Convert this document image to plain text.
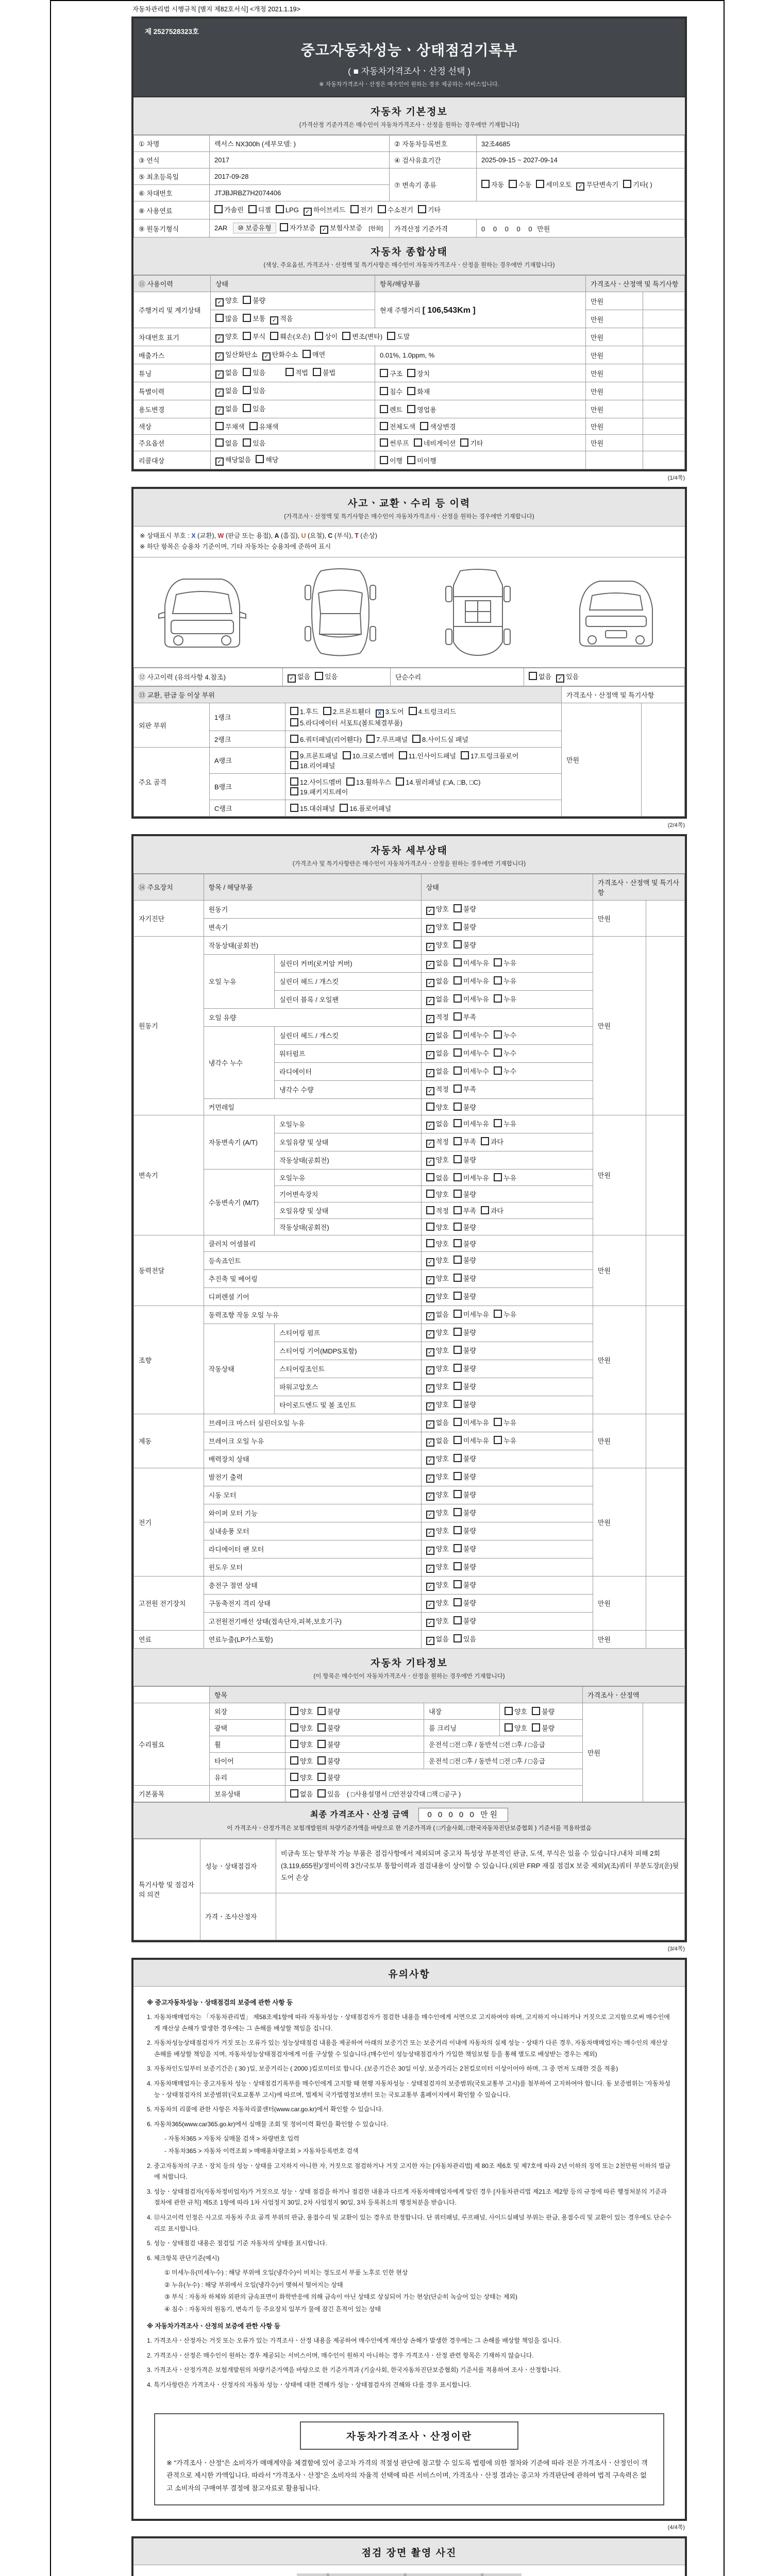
자동차관리법 시행규칙 [별지 제82호서식] <개정 2021.1.19>
제 2527528323호
중고자동차성능ㆍ상태점검기록부
( ■ 자동차가격조사ㆍ산정 선택 )
※ 자동차가격조사ㆍ산정은 매수인이 원하는 경우 제공하는 서비스입니다.
자동차 기본정보
(가격산정 기준가격은 매수인이 자동차가격조사ㆍ산정을 원하는 경우에만 기재합니다)
① 차명	렉서스 NX300h (세부모델: )	② 자동차등록번호	32조4685
③ 연식	2017	④ 검사유효기간	2025-09-15 ~ 2027-09-14
⑤ 최초등록일	2017-09-28	⑦ 변속기 종류	자동 수동 세미오토 ✓ 무단변속기 기타( )
⑥ 차대번호	JTJBJRBZ7H2074406		
⑧ 사용연료	가솔린 디젤 LPG ✓ 하이브리드 전기 수소전기 기타		
⑨ 원동기형식	2AR ⑩ 보증유형 자가보증 ✓ 보험사보증 [한화]	가격산정 기준가격	0 0 0 0 0 만원
자동차 종합상태
(색상, 주요옵션, 가격조사ㆍ산정액 및 특기사항은 매수인이 자동차가격조사ㆍ산정을 원하는 경우에만 기재합니다)
⑪ 사용이력	상태	항목/해당부품	가격조사ㆍ산정액 및 특기사항	
주행거리 및 계기상태	✓ 양호 불량	현재 주행거리 [ 106,543Km ]	만원	
	많음 보통 ✓ 적음		만원	
차대번호 표기	✓ 양호 부식 훼손(오손) 상이 변조(변타) 도말		만원	
배출가스	✓ 일산화탄소 ✓ 탄화수소 매연	0.01%, 1.0ppm, %	만원	
튜닝	✓ 없음 있음 적법 불법	구조 장치	만원	
특별이력	✓ 없음 있음	침수 화재	만원	
용도변경	✓ 없음 있음	렌트 영업용	만원	
색상	무채색 유채색	전체도색 색상변경	만원	
주요옵션	없음 있음	썬루프 네비게이션 기타	만원	
리콜대상	✓ 해당없음 해당	이행 미이행		
(1/4쪽)
사고ㆍ교환ㆍ수리 등 이력
(가격조사ㆍ산정액 및 특기사항은 매수인이 자동차가격조사ㆍ산정을 원하는 경우에만 기재합니다)
※ 상태표시 부호 : X (교환), W (판금 또는 용접), A (흠집), U (요철), C (부식), T (손상)
※ 하단 항목은 승용차 기준이며, 기타 자동차는 승용차에 준하여 표시
⑫ 사고이력 (유의사항 4.참조)	✓ 없음 있음	단순수리	없음 ✓ 있음
⑬ 교환, 판금 등 이상 부위			가격조사ㆍ산정액 및 특기사항	
외판 부위	1랭크	1.후드 2.프론트휀더 X 3.도어 4.트렁크리드
5.라디에이터 서포트(볼트체결부품)	만원	
	2랭크	6.쿼터패널(리어휀다) 7.루프패널 8.사이드실 패널		
주요 골격	A랭크	9.프론트패널 10.크로스멤버 11.인사이드패널 17.트렁크플로어
18.리어패널		

	B랭크	12.사이드멤버 13.휠하우스 14.필러패널 (□A, □B, □C)
19.패키지트레이		

	C랭크	15.대쉬패널 16.플로어패널		
(2/4쪽)
자동차 세부상태
(가격조사 및 특기사항란은 매수인이 자동차가격조사ㆍ산정을 원하는 경우에만 기재합니다)
⑭ 주요장치	항목 / 해당부품		상태	가격조사ㆍ산정액 및 특기사항	
자기진단	원동기		✓ 양호 불량	만원	
	변속기		✓ 양호 불량		
원동기	작동상태(공회전)		✓ 양호 불량	만원	
	오일 누유	실린더 커버(로커암 커버)	✓ 없음 미세누유 누유		
		실린더 헤드 / 개스킷	✓ 없음 미세누유 누유		
		실린더 블록 / 오일팬	✓ 없음 미세누유 누유		
	오일 유량		✓ 적정 부족		
	냉각수 누수	실린더 헤드 / 개스킷	✓ 없음 미세누수 누수		
		워터펌프	✓ 없음 미세누수 누수		
		라디에이터	✓ 없음 미세누수 누수		
		냉각수 수량	✓ 적정 부족		
	커먼레일		양호 불량		
변속기	자동변속기 (A/T)	오일누유	✓ 없음 미세누유 누유	만원	
		오일유량 및 상태	✓ 적정 부족 과다		
		작동상태(공회전)	✓ 양호 불량		
	수동변속기 (M/T)	오일누유	없음 미세누유 누유		
		기어변속장치	양호 불량		
		오일유량 및 상태	적정 부족 과다		
		작동상태(공회전)	양호 불량		
동력전달	클러치 어셈블리		양호 불량	만원	
	등속죠인트		✓ 양호 불량		
	추진축 및 베어링		✓ 양호 불량		
	디퍼렌셜 기어		✓ 양호 불량		
조향	동력조향 작동 오일 누유		✓ 없음 미세누유 누유	만원	
	작동상태	스티어링 펌프	✓ 양호 불량		
		스티어링 기어(MDPS포함)	✓ 양호 불량		
		스티어링조인트	✓ 양호 불량		
		파워고압호스	✓ 양호 불량		
		타이로드엔드 및 볼 조인트	✓ 양호 불량		
제동	브레이크 마스터 실린더오일 누유		✓ 없음 미세누유 누유	만원	
	브레이크 오일 누유		✓ 없음 미세누유 누유		
	배력장치 상태		✓ 양호 불량		
전기	발전기 출력		✓ 양호 불량	만원	
	시동 모터		✓ 양호 불량		
	와이퍼 모터 기능		✓ 양호 불량		
	실내송풍 모터		✓ 양호 불량		
	라디에이터 팬 모터		✓ 양호 불량		
	윈도우 모터		✓ 양호 불량		
고전원 전기장치	충전구 절연 상태		✓ 양호 불량	만원	
	구동축전지 격리 상태		✓ 양호 불량		
	고전원전기배선 상태(접속단자,피복,보호기구)		✓ 양호 불량		
연료	연료누출(LP가스포함)		✓ 없음 있음	만원	
자동차 기타정보
(이 항목은 매수인이 자동차가격조사ㆍ산정을 원하는 경우에만 기재합니다)
	항목				가격조사ㆍ산정액	
수리필요	외장	양호 불량	내장	양호 불량	만원	
	광택	양호 불량	룸 크리닝	양호 불량		
	휠	양호 불량	운전석 □전 □후 / 동반석 □전 □후 / □응급			
	타이어	양호 불량	운전석 □전 □후 / 동반석 □전 □후 / □응급			
	유리	양호 불량				
기본품목	보유상태	없음 있음 ( □사용설명서 □안전삼각대 □잭 □공구 )				
최종 가격조사ㆍ산정 금액 0 0 0 0 0 만원
이 가격조사ㆍ산정가격은 보험개발원의 차량기준가액을 바탕으로 한 기준가격과 ( □기술사회, □한국자동차진단보증협회 ) 기준서를 적용하였음
특기사항 및 점검자의 의견	성능ㆍ상태점검자	비금속 또는 탈부착 가능 부품은 점검사항에서 제외되며 중고차 특성상 부분적인 판금, 도색, 부식은 있을 수 있습니다./내차 피해 2회 (3,119,655원)/정비이력 3건/국토부 통합이력과 점검내용이 상이할 수 있습니다.(외판 FRP 재질 점검X 보증 제외)/(조)쿼터 부분도장/(운)뒷도어 손상
	가격ㆍ조사산정자	
(3/4쪽)
유의사항
※ 중고자동차성능ㆍ상태점검의 보증에 관한 사항 등
1. 자동차매매업자는 「자동차관리법」 제58조제1항에 따라 자동차성능ㆍ상태점검자가 점검한 내용을 매수인에게 서면으로 고지하여야 하며, 고지하지 아니하거나 거짓으로 고지함으로써 매수인에게 재산상 손해가 발생한 경우에는 그 손해를 배상할 책임을 집니다.
2. 자동차성능상태점검자가 거짓 또는 오류가 있는 성능상태점검 내용을 제공하여 아래의 보증기간 또는 보증거리 이내에 자동차의 실제 성능ㆍ상태가 다른 경우, 자동차매매업자는 매수인의 재산상 손해를 배상할 책임을 지며, 자동차성능상태점검자에게 이를 구상할 수 있습니다.(매수인이 성능상태점검자가 가입한 책임보험 등을 통해 별도로 배상받는 경우는 제외)
3. 자동차인도일부터 보증기간은 ( 30 )일, 보증거리는 ( 2000 )킬로미터로 합니다. (보증기간은 30일 이상, 보증거리는 2천킬로미터 이상이어야 하며, 그 중 먼저 도래한 것을 적용)
4. 자동차매매업자는 중고자동차 성능ㆍ상태점검기록부를 매수인에게 고지할 때 현행 자동차성능ㆍ상태점검자의 보증범위(국토교통부 고시)를 첨부하여 고지하여야 합니다. 동 보증범위는 '자동차성능ㆍ상태점검자의 보증범위'(국토교통부 고시)에 따르며, 법제처 국가법령정보센터 또는 국토교통부 홈페이지에서 확인할 수 있습니다.
5. 자동차의 리콜에 관한 사항은 자동차리콜센터(www.car.go.kr)에서 확인할 수 있습니다.
6. 자동차365(www.car365.go.kr)에서 실매물 조회 및 정비이력 확인을 확인할 수 있습니다.
- 자동차365 > 자동차 실매물 검색 > 차량번호 입력
- 자동차365 > 자동차 이력조회 > 매매용차량조회 > 자동차등록번호 검색
2. 중고자동차의 구조ㆍ장치 등의 성능ㆍ상태를 고지하지 아니한 자, 거짓으로 점검하거나 거짓 고지한 자는 [자동차관리법] 제 80조 제6호 및 제7호에 따라 2년 이하의 징역 또는 2천만원 이하의 벌금에 처합니다.
3. 성능ㆍ상태점검자(자동차정비업자)가 거짓으로 성능ㆍ상태 점검을 하거나 점검한 내용과 다르게 자동차매매업자에게 알린 경우 [자동차관리법 제21조 제2항 등의 규정에 따른 행정처분의 기준과 절차에 관한 규칙] 제5조 1항에 따라 1차 사업정지 30일, 2차 사업정지 90일, 3차 등록취소의 행정처분을 받습니다.
4. ⑫사고이력 인정은 사고로 자동차 주요 골격 부위의 판금, 용접수리 및 교환이 있는 경우로 한정합니다. 단 쿼터패널, 루프패널, 사이드실패널 부위는 판금, 용접수리 및 교환이 있는 경우에도 단순수리로 표시합니다.
5. 성능ㆍ상태점검 내용은 점검일 기준 자동차의 상태를 표시합니다.
6. 체크항목 판단기준(예시)
① 미세누유(미세누수) : 해당 부위에 오일(냉각수)이 비치는 정도로서 부품 노후로 인한 현상
② 누유(누수) : 해당 부위에서 오일(냉각수)이 맺혀서 떨어지는 상태
③ 부식 : 자동차 하체와 외판의 금속표면이 화학반응에 의해 금속이 아닌 상태로 상실되어 가는 현상(단순히 녹슬어 있는 상태는 제외)
④ 침수 : 자동차의 원동기, 변속기 등 주요장치 일부가 물에 잠긴 흔적이 있는 상태
※ 자동차가격조사ㆍ산정의 보증에 관한 사항 등
1. 가격조사ㆍ산정자는 거짓 또는 오류가 있는 가격조사ㆍ산정 내용을 제공하여 매수인에게 재산상 손해가 발생한 경우에는 그 손해를 배상할 책임을 집니다.
2. 가격조사ㆍ산정은 매수인이 원하는 경우 제공되는 서비스이며, 매수인이 원하지 아니하는 경우 가격조사ㆍ산정 관련 항목은 기재하지 않습니다.
3. 가격조사ㆍ산정가격은 보험개발원의 차량기준가액을 바탕으로 한 기준가격과 (기술사회, 한국자동차진단보증협회) 기준서를 적용하여 조사ㆍ산정합니다.
4. 특기사항란은 가격조사ㆍ산정자의 자동차 성능ㆍ상태에 대한 견해가 성능ㆍ상태점검자의 견해와 다를 경우 표시합니다.
자동차가격조사ㆍ산정이란
※ "가격조사ㆍ산정"은 소비자가 매매계약을 체결함에 있어 중고차 가격의 적절성 판단에 참고할 수 있도록 법령에 의한 절차와 기준에 따라 전문 가격조사ㆍ산정인이 객관적으로 제시한 가액입니다. 따라서 "가격조사ㆍ산정"은 소비자의 자율적 선택에 따른 서비스이며, 가격조사ㆍ산정 결과는 중고차 가격판단에 관하여 법적 구속력은 없고 소비자의 구매여부 결정에 참고자료로 활용됩니다.
(4/4쪽)
점검 장면 촬영 사진
